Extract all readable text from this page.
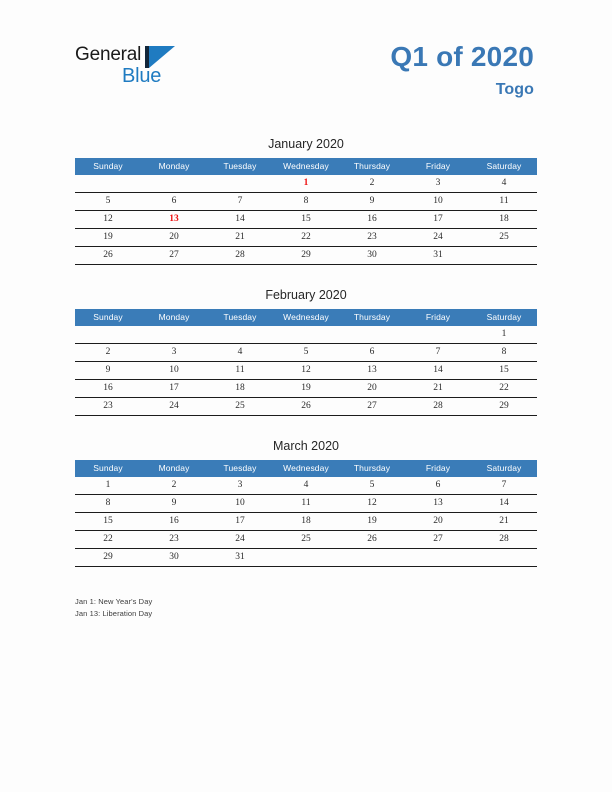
General
Blue
Q1 of 2020
Togo
January 2020
Sunday	Monday	Tuesday	Wednesday	Thursday	Friday	Saturday
			1	2	3	4
5	6	7	8	9	10	11
12	13	14	15	16	17	18
19	20	21	22	23	24	25
26	27	28	29	30	31	
February 2020
Sunday	Monday	Tuesday	Wednesday	Thursday	Friday	Saturday
						1
2	3	4	5	6	7	8
9	10	11	12	13	14	15
16	17	18	19	20	21	22
23	24	25	26	27	28	29
March 2020
Sunday	Monday	Tuesday	Wednesday	Thursday	Friday	Saturday
1	2	3	4	5	6	7
8	9	10	11	12	13	14
15	16	17	18	19	20	21
22	23	24	25	26	27	28
29	30	31				
Jan 1: New Year's Day
Jan 13: Liberation Day
